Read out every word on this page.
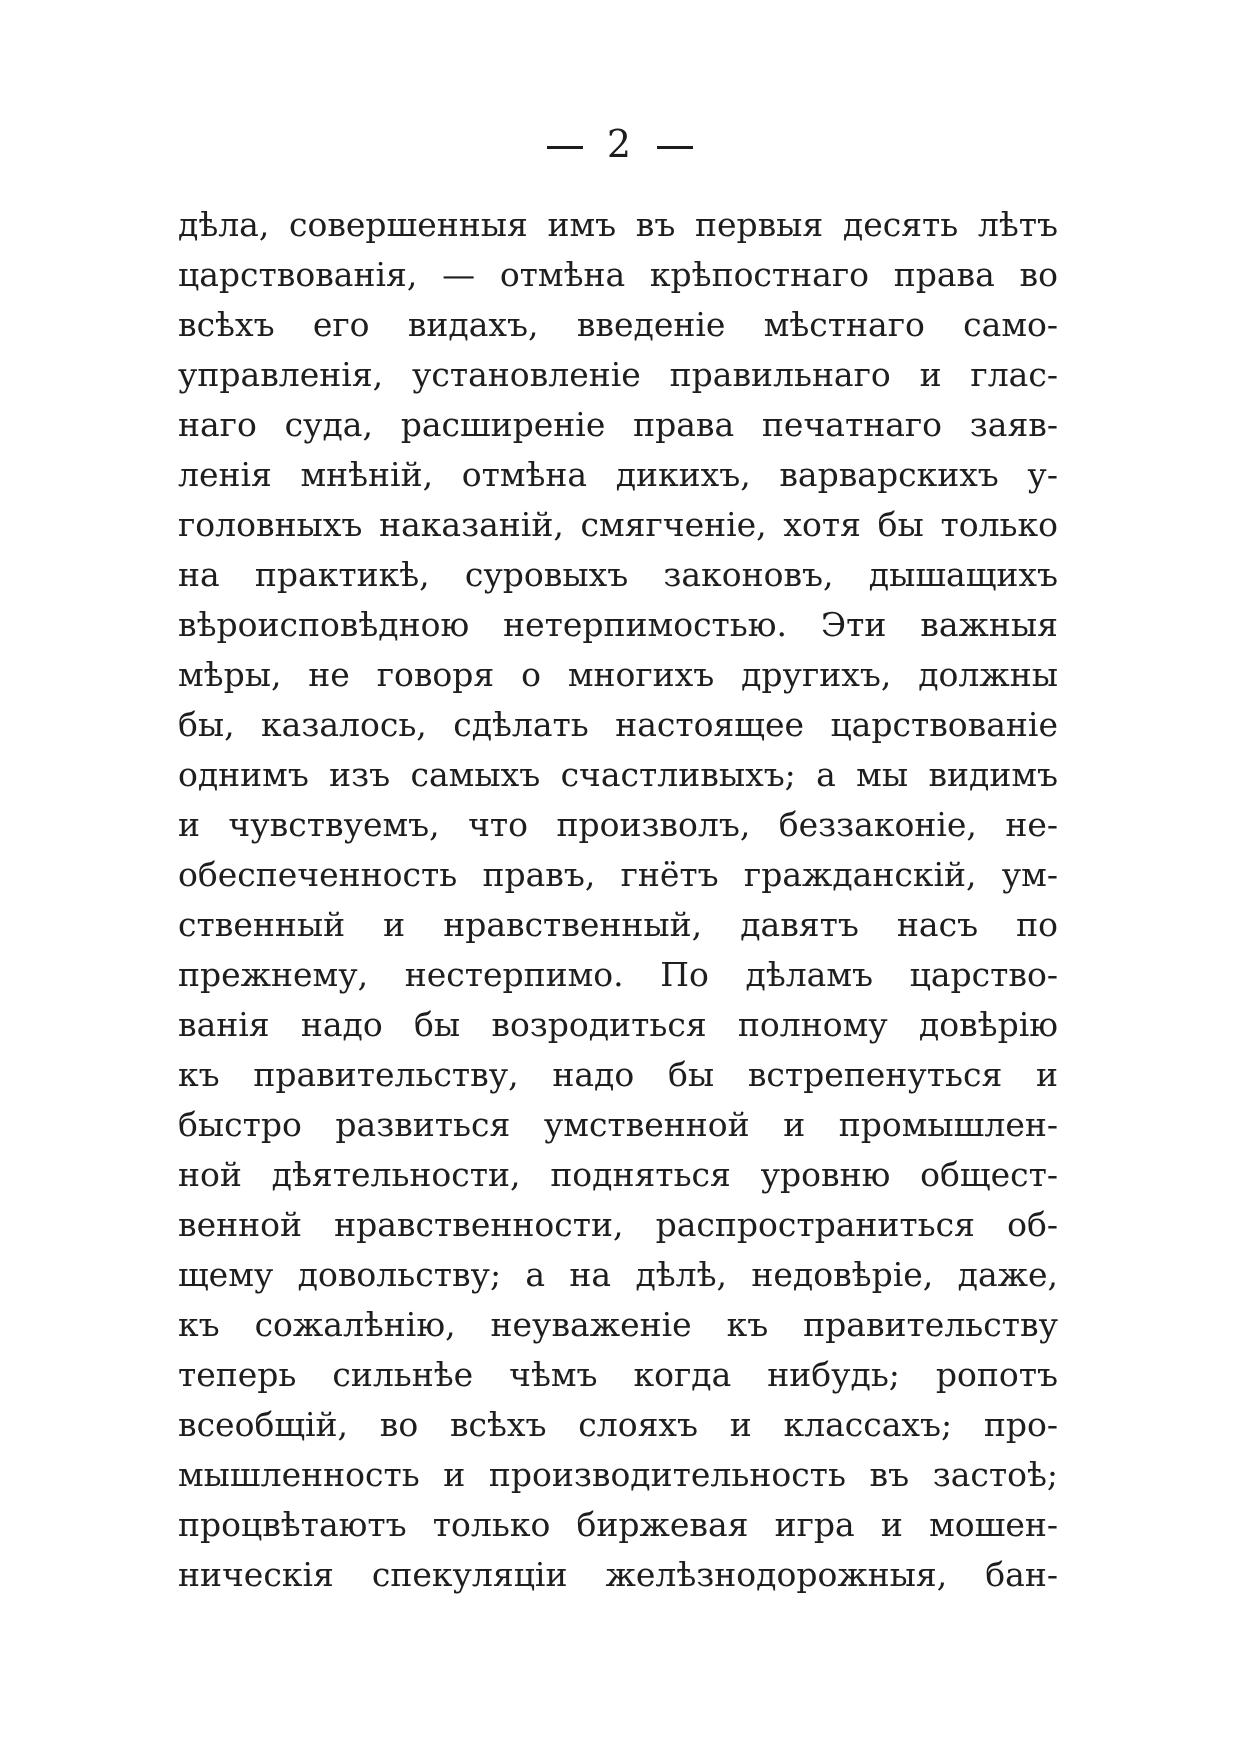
2
дѣла, совершенныя имъ въ первыя десять лѣтъ
царствованія, — отмѣна крѣпостнаго права во
всѣхъ его видахъ, введеніе мѣстнаго само-
управленія, установленіе правильнаго и глас-
наго суда, расширеніе права печатнаго заяв-
ленія мнѣній, отмѣна дикихъ, варварскихъ у-
головныхъ наказаній, смягченіе, хотя бы только
на практикѣ, суровыхъ законовъ, дышащихъ
вѣроисповѣдною нетерпимостью. Эти важныя
мѣры, не говоря о многихъ другихъ, должны
бы, казалось, сдѣлать настоящее царствованіе
однимъ изъ самыхъ счастливыхъ; а мы видимъ
и чувствуемъ, что произволъ, беззаконіе, не-
обеспеченность правъ, гнётъ гражданскій, ум-
ственный и нравственный, давятъ насъ по
прежнему, нестерпимо. По дѣламъ царство-
ванія надо бы возродиться полному довѣрію
къ правительству, надо бы встрепенуться и
быстро развиться умственной и промышлен-
ной дѣятельности, подняться уровню общест-
венной нравственности, распространиться об-
щему довольству; а на дѣлѣ, недовѣріе, даже,
къ сожалѣнію, неуваженіе къ правительству
теперь сильнѣе чѣмъ когда нибудь; ропотъ
всеобщій, во всѣхъ слояхъ и классахъ; про-
мышленность и производительность въ застоѣ;
процвѣтаютъ только биржевая игра и мошен-
ническія спекуляціи желѣзнодорожныя, бан-
